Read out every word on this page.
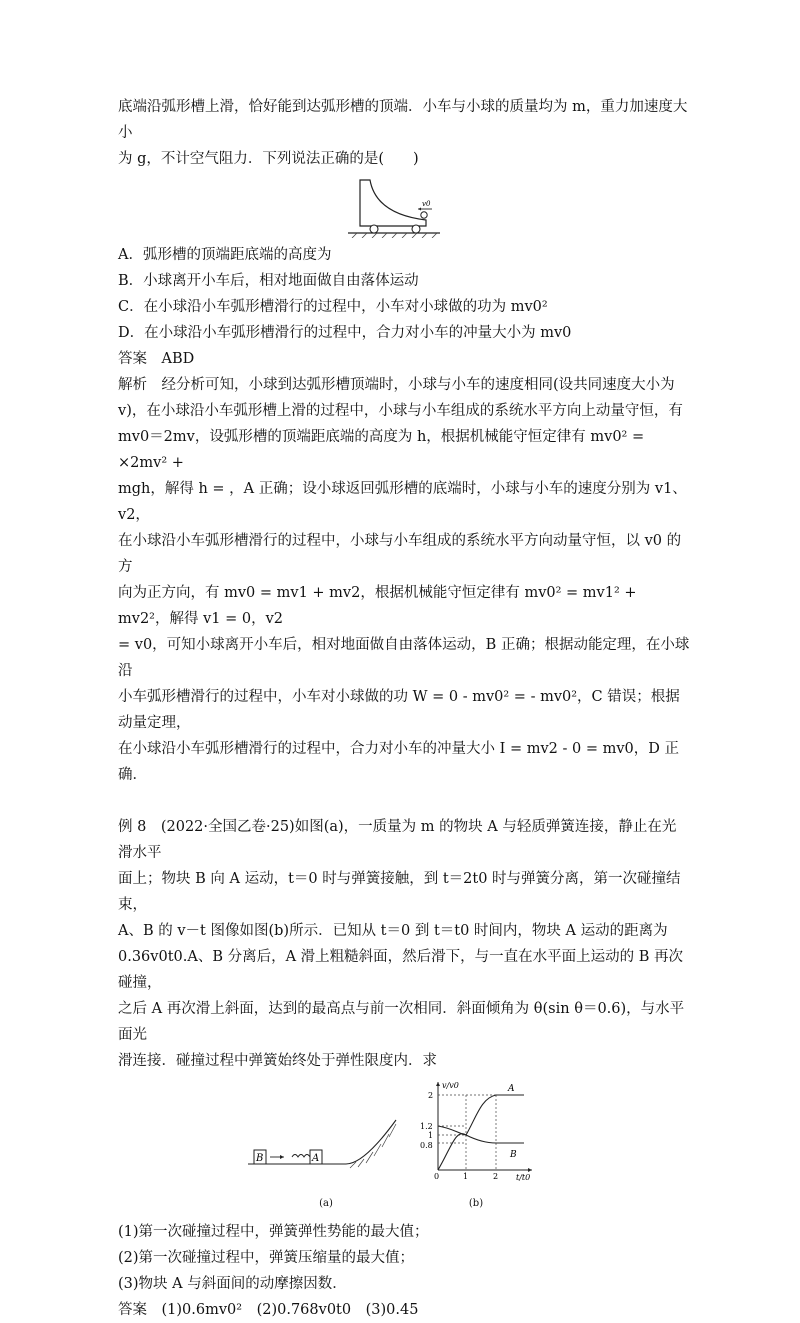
底端沿弧形槽上滑，恰好能到达弧形槽的顶端．小车与小球的质量均为 m，重力加速度大小

为 g，不计空气阻力．下列说法正确的是(　　)

v0

A．弧形槽的顶端距底端的高度为

B．小球离开小车后，相对地面做自由落体运动

C．在小球沿小车弧形槽滑行的过程中，小车对小球做的功为 mv0²

D．在小球沿小车弧形槽滑行的过程中，合力对小车的冲量大小为 mv0

答案　ABD

解析　经分析可知，小球到达弧形槽顶端时，小球与小车的速度相同(设共同速度大小为

v)，在小球沿小车弧形槽上滑的过程中，小球与小车组成的系统水平方向上动量守恒，有

mv0＝2mv，设弧形槽的顶端距底端的高度为 h，根据机械能守恒定律有 mv0² = ×2mv² +

mgh，解得 h = ，A 正确；设小球返回弧形槽的底端时，小球与小车的速度分别为 v1、v2，

在小球沿小车弧形槽滑行的过程中，小球与小车组成的系统水平方向动量守恒，以 v0 的方

向为正方向，有 mv0 = mv1 + mv2，根据机械能守恒定律有 mv0² = mv1² + mv2²，解得 v1 = 0，v2

= v0，可知小球离开小车后，相对地面做自由落体运动，B 正确；根据动能定理，在小球沿

小车弧形槽滑行的过程中，小车对小球做的功 W = 0 - mv0² = - mv0²，C 错误；根据动量定理，

在小球沿小车弧形槽滑行的过程中，合力对小车的冲量大小 I = mv2 - 0 = mv0，D 正确．

例 8　(2022·全国乙卷·25)如图(a)，一质量为 m 的物块 A 与轻质弹簧连接，静止在光滑水平

面上；物块 B 向 A 运动，t＝0 时与弹簧接触，到 t＝2t0 时与弹簧分离，第一次碰撞结束，

A、B 的 v－t 图像如图(b)所示．已知从 t＝0 到 t＝t0 时间内，物块 A 运动的距离为

0.36v0t0.A、B 分离后，A 滑上粗糙斜面，然后滑下，与一直在水平面上运动的 B 再次碰撞，

之后 A 再次滑上斜面，达到的最高点与前一次相同．斜面倾角为 θ(sin θ＝0.6)，与水平面光

滑连接．碰撞过程中弹簧始终处于弹性限度内．求

B	A
(a)
v/v0
t/t0
2
1.2
1
0.8
0	1	2
A
B
(b)

(1)第一次碰撞过程中，弹簧弹性势能的最大值；

(2)第一次碰撞过程中，弹簧压缩量的最大值；

(3)物块 A 与斜面间的动摩擦因数．

答案　(1)0.6mv0²　(2)0.768v0t0　(3)0.45
